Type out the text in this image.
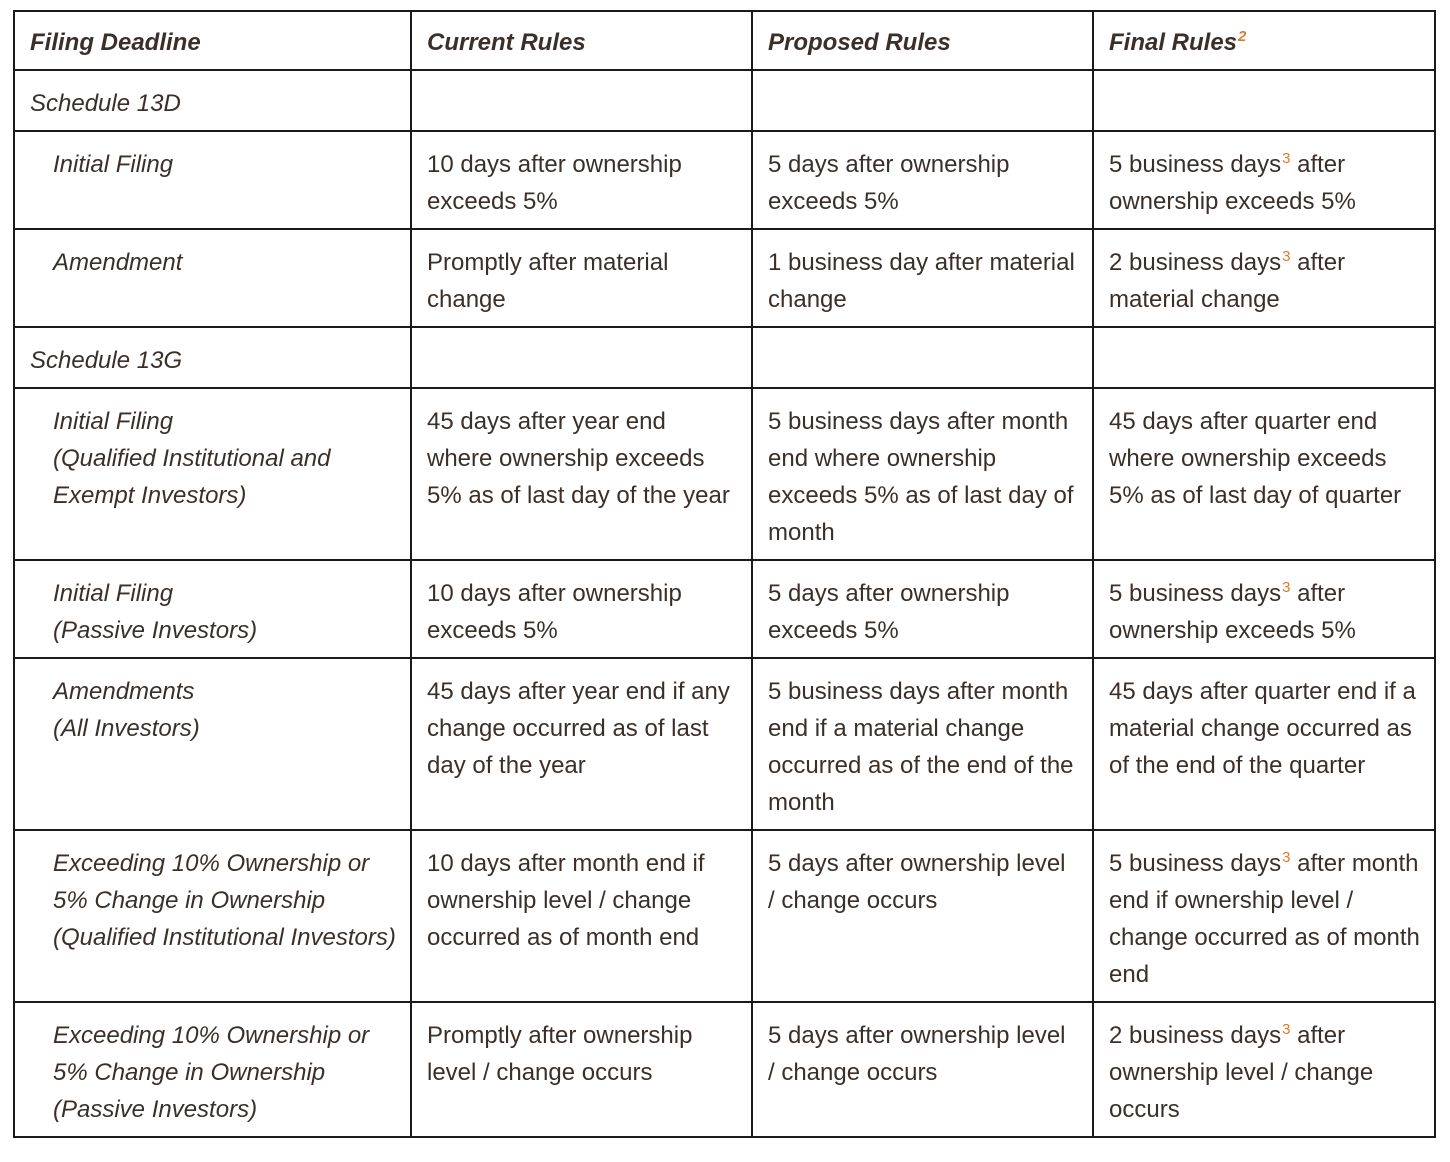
Filing Deadline	Current Rules	Proposed Rules	Final Rules$^2$
Schedule 13D			

Initial Filing	10 days after ownership exceeds 5%	5 days after ownership exceeds 5%	5 business days$^3$ after ownership exceeds 5%

Amendment	Promptly after material change	1 business day after material change	2 business days$^3$ after material change
Schedule 13G			

Initial Filing
(Qualified Institutional and Exempt Investors)	45 days after year end where ownership exceeds 5% as of last day of the year	5 business days after month end where ownership exceeds 5% as of last day of month	45 days after quarter end where ownership exceeds 5% as of last day of quarter

Initial Filing
(Passive Investors)	10 days after ownership exceeds 5%	5 days after ownership exceeds 5%	5 business days$^3$ after ownership exceeds 5%

Amendments
(All Investors)	45 days after year end if any change occurred as of last day of the year	5 business days after month end if a material change occurred as of the end of the month	45 days after quarter end if a material change occurred as of the end of the quarter

Exceeding 10% Ownership or 5% Change in Ownership (Qualified Institutional Investors)	10 days after month end if ownership level / change occurred as of month end	5 days after ownership level / change occurs	5 business days$^3$ after month end if ownership level / change occurred as of month end

Exceeding 10% Ownership or 5% Change in Ownership (Passive Investors)	Promptly after ownership level / change occurs	5 days after ownership level / change occurs	2 business days$^3$ after ownership level / change occurs
